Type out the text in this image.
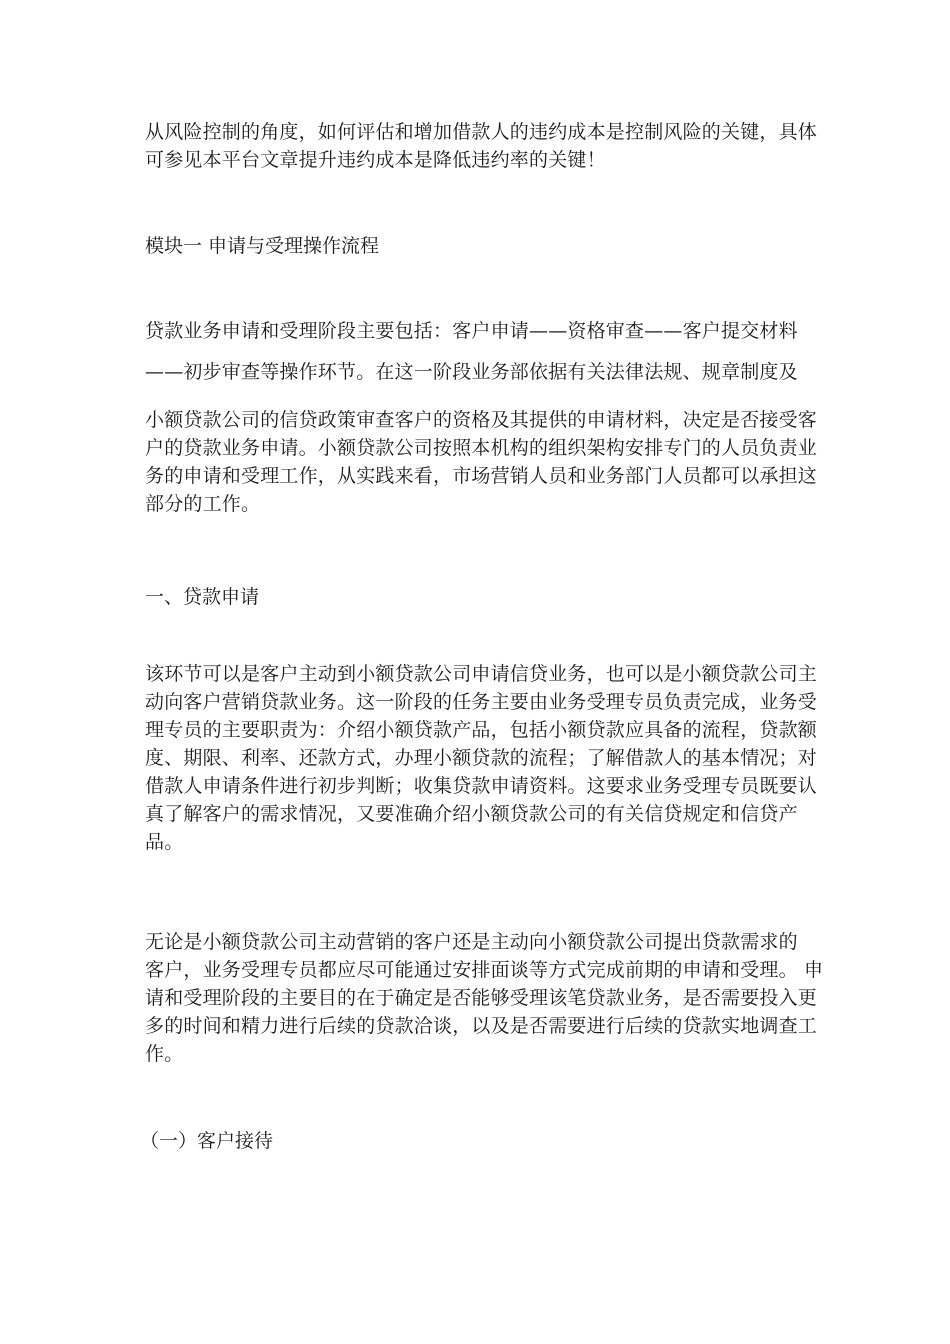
从风险控制的角度，如何评估和增加借款人的违约成本是控制风险的关键，具体
可参见本平台文章提升违约成本是降低违约率的关键！
模块一 申请与受理操作流程
贷款业务申请和受理阶段主要包括：客户申请——资格审查——客户提交材料
——初步审查等操作环节。在这一阶段业务部依据有关法律法规、规章制度及
小额贷款公司的信贷政策审查客户的资格及其提供的申请材料，决定是否接受客
户的贷款业务申请。小额贷款公司按照本机构的组织架构安排专门的人员负责业
务的申请和受理工作，从实践来看，市场营销人员和业务部门人员都可以承担这
部分的工作。
一、贷款申请
该环节可以是客户主动到小额贷款公司申请信贷业务，也可以是小额贷款公司主
动向客户营销贷款业务。这一阶段的任务主要由业务受理专员负责完成，业务受
理专员的主要职责为：介绍小额贷款产品，包括小额贷款应具备的流程，贷款额
度、期限、利率、还款方式，办理小额贷款的流程；了解借款人的基本情况；对
借款人申请条件进行初步判断；收集贷款申请资料。这要求业务受理专员既要认
真了解客户的需求情况，又要准确介绍小额贷款公司的有关信贷规定和信贷产
品。
无论是小额贷款公司主动营销的客户还是主动向小额贷款公司提出贷款需求的
客户，业务受理专员都应尽可能通过安排面谈等方式完成前期的申请和受理。 申
请和受理阶段的主要目的在于确定是否能够受理该笔贷款业务，是否需要投入更
多的时间和精力进行后续的贷款洽谈，以及是否需要进行后续的贷款实地调查工
作。
（一）客户接待
